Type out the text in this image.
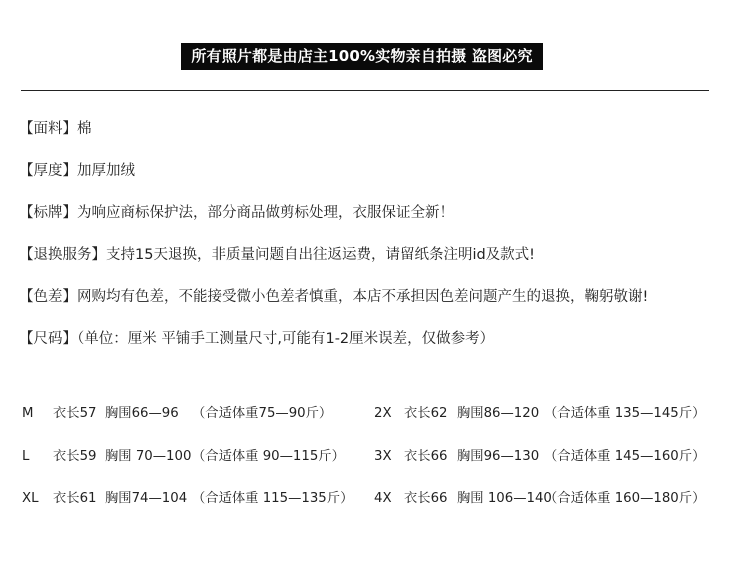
所有照片都是由店主100%实物亲自拍摄 盗图必究
【面料】棉
【厚度】加厚加绒
【标牌】为响应商标保护法，部分商品做剪标处理，衣服保证全新！
【退换服务】支持15天退换，非质量问题自出往返运费，请留纸条注明id及款式!
【色差】网购均有色差，不能接受微小色差者慎重，本店不承担因色差问题产生的退换，鞠躬敬谢!
【尺码】（单位：厘米 平铺手工测量尺寸,可能有1-2厘米误差，仅做参考）
M 衣长57 胸围66—96 （合适体重75—90斤）
L 衣长59 胸围 70—100 （合适体重 90—115斤）
XL 衣长61 胸围74—104 （合适体重 115—135斤）
2X 衣长62 胸围86—120 （合适体重 135—145斤）
3X 衣长66 胸围96—130 （合适体重 145—160斤）
4X 衣长66 胸围 106—140
（合适体重 160—180斤）
